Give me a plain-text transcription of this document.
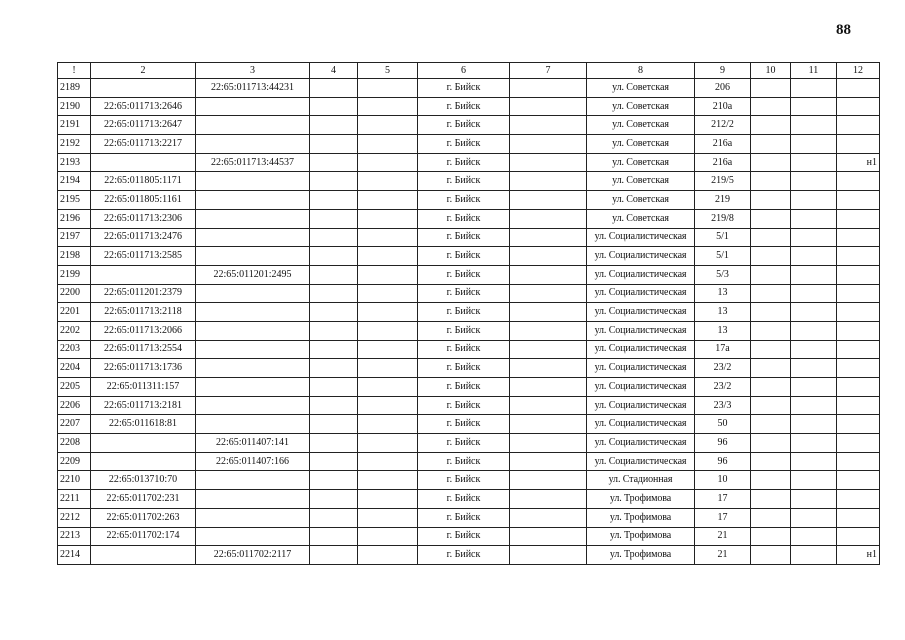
88
!	2	3	4	5	6	7	8	9	10	11	12
2189		22:65:011713:44231			г. Бийск		ул. Советская	206			
2190	22:65:011713:2646				г. Бийск		ул. Советская	210а			
2191	22:65:011713:2647				г. Бийск		ул. Советская	212/2			
2192	22:65:011713:2217				г. Бийск		ул. Советская	216а			
2193		22:65:011713:44537			г. Бийск		ул. Советская	216а			н1
2194	22:65:011805:1171				г. Бийск		ул. Советская	219/5			
2195	22:65:011805:1161				г. Бийск		ул. Советская	219			
2196	22:65:011713:2306				г. Бийск		ул. Советская	219/8			
2197	22:65:011713:2476				г. Бийск		ул. Социалистическая	5/1			
2198	22:65:011713:2585				г. Бийск		ул. Социалистическая	5/1			
2199		22:65:011201:2495			г. Бийск		ул. Социалистическая	5/3			
2200	22:65:011201:2379				г. Бийск		ул. Социалистическая	13			
2201	22:65:011713:2118				г. Бийск		ул. Социалистическая	13			
2202	22:65:011713:2066				г. Бийск		ул. Социалистическая	13			
2203	22:65:011713:2554				г. Бийск		ул. Социалистическая	17а			
2204	22:65:011713:1736				г. Бийск		ул. Социалистическая	23/2			
2205	22:65:011311:157				г. Бийск		ул. Социалистическая	23/2			
2206	22:65:011713:2181				г. Бийск		ул. Социалистическая	23/3			
2207	22:65:011618:81				г. Бийск		ул. Социалистическая	50			
2208		22:65:011407:141			г. Бийск		ул. Социалистическая	96			
2209		22:65:011407:166			г. Бийск		ул. Социалистическая	96			
2210	22:65:013710:70				г. Бийск		ул. Стадионная	10			
2211	22:65:011702:231				г. Бийск		ул. Трофимова	17			
2212	22:65:011702:263				г. Бийск		ул. Трофимова	17			
2213	22:65:011702:174				г. Бийск		ул. Трофимова	21			
2214		22:65:011702:2117			г. Бийск		ул. Трофимова	21			н1
